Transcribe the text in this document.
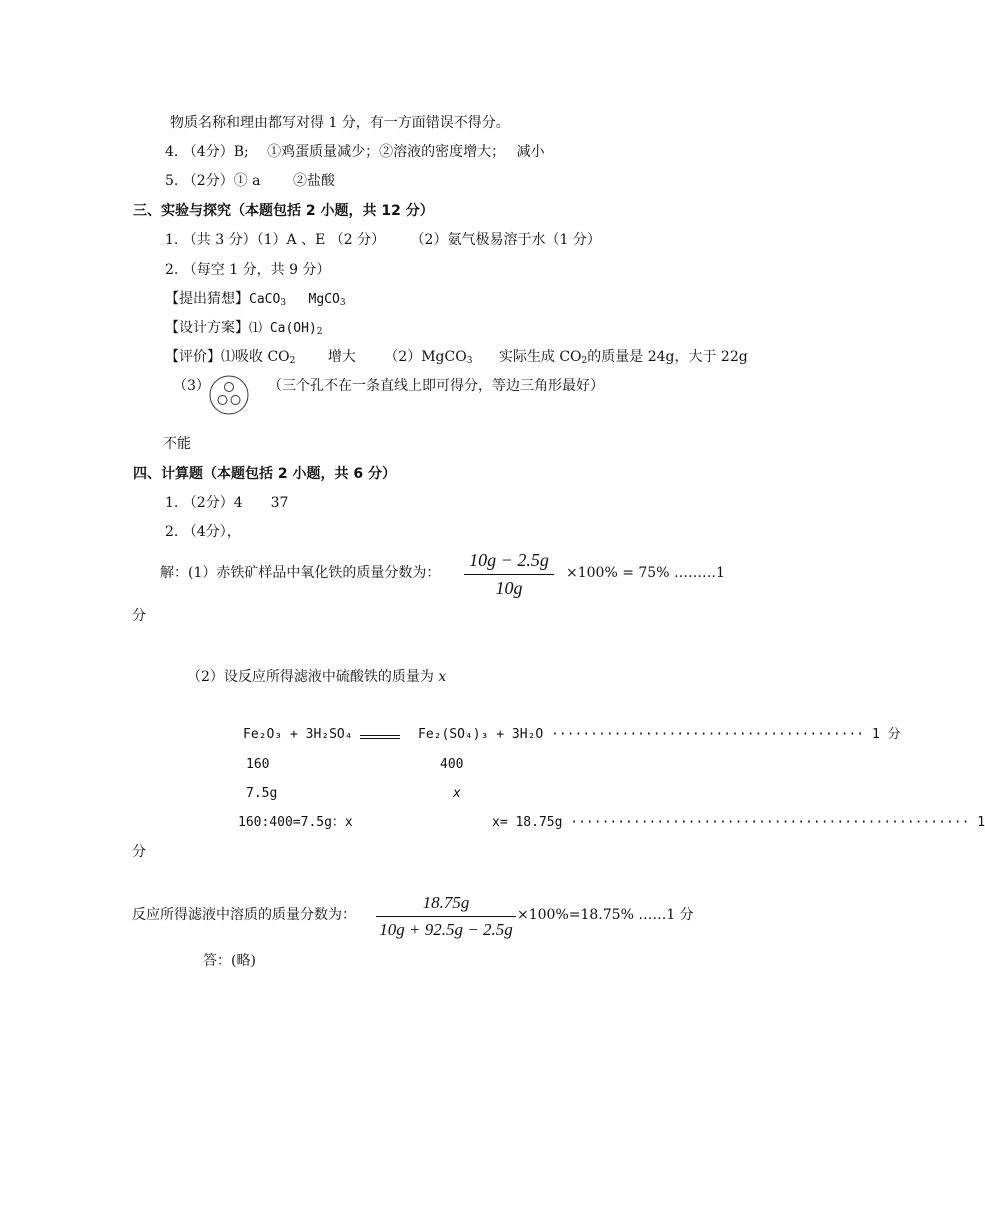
物质名称和理由都写对得 1 分，有一方面错误不得分。
4. （4分）B;　 ①鸡蛋质量减少；②溶液的密度增大；　 减小
5. （2分）① a　　 ②盐酸
三、实验与探究（本题包括 2 小题，共 12 分）
1. （共 3 分）（1）A 、E （2 分）　　 （2）氨气极易溶于水（1 分）
2. （每空 1 分，共 9 分）
【提出猜想】CaCO$_3$ MgCO$_3$
【设计方案】⑴ $Ca(OH)_2$
【评价】⑴吸收 $CO_2$ 增大 （2）MgCO$_3$ 实际生成 $CO_2$的质量是 24g，大于 22g
（3）	（三个孔不在一条直线上即可得分，等边三角形最好）
不能
四、计算题（本题包括 2 小题，共 6 分）
1. （2分）4　　37
2. （4分），
解：(1）赤铁矿样品中氧化铁的质量分数为：
10g − 2.5g
10g
×100% = 75% ………1
分
（2）设反应所得滤液中硫酸铁的质量为 x
Fe₂O₃ + 3H₂SO₄	Fe₂(SO₄)₃ + 3H₂O ········································ 1 分
160	400
7.5g	x
160:400=7.5g：x	x= 18.75g ··················································· 1
分
反应所得滤液中溶质的质量分数为：
18.75g
10g + 92.5g − 2.5g
×100%=18.75% ……1 分
答：(略)
